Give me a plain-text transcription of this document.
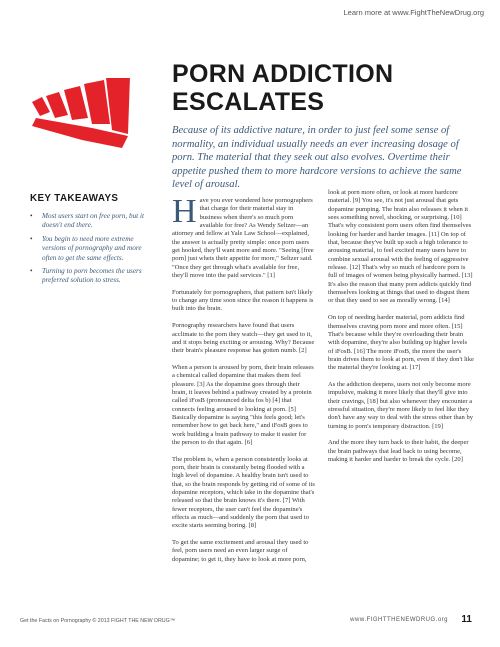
Learn more at www.FightTheNewDrug.org
PORN ADDICTION
ESCALATES

Because of its addictive nature, in order to just feel some sense of normality, an individual usually needs an ever increasing dosage of porn. The material that they seek out also evolves. Overtime their appetite pushed them to more hardcore versions to achieve the same level of arousal.

KEY TAKEAWAYS
• Most users start on free porn, but it doesn't end there.
• You begin to need more extreme versions of pornography and more often to get the same effects.
• Turning to porn becomes the users preferred solution to stress.

Have you ever wondered how pornographers that charge for their material stay in business when there's so much porn available for free? As Wendy Seltzer—an attorney and fellow at Yale Law School—explained, the answer is actually pretty simple: once porn users get hooked, they'll want more and more. "Seeing [free porn] just whets their appetite for more," Seltzer said. "Once they get through what's available for free, they'll move into the paid services." [1]

Fortunately for pornographers, that pattern isn't likely to change any time soon since the reason it happens is built into the brain.

Pornography researchers have found that users acclimate to the porn they watch—they get used to it, and it stops being exciting or arousing. Why? Because their brain's pleasure response has gotten numb. [2]

When a person is aroused by porn, their brain releases a chemical called dopamine that makes them feel pleasure. [3] As the dopamine goes through their brain, it leaves behind a pathway created by a protein called iFosB (pronounced delta fos b) [4] that connects feeling aroused to looking at porn. [5] Basically dopamine is saying "this feels good; let's remember how to get back here," and iFosB goes to work building a brain pathway to make it easier for the person to do that again. [6]

The problem is, when a person consistently looks at porn, their brain is constantly being flooded with a high level of dopamine. A healthy brain isn't used to that, so the brain responds by getting rid of some of its dopamine receptors, which take in the dopamine that's released so that the brain knows it's there. [7] With fewer receptors, the user can't feel the dopamine's effects as much—and suddenly the porn that used to excite starts seeming boring. [8]

To get the same excitement and arousal they used to feel, porn users need an even larger surge of dopamine; to get it, they have to look at more porn,

look at porn more often, or look at more hardcore material. [9] You see, it's not just arousal that gets dopamine pumping. The brain also releases it when it sees something novel, shocking, or surprising. [10] That's why consistent porn users often find themselves looking for harder and harder images. [11] On top of that, because they've built up such a high tolerance to arousing material, to feel excited many users have to combine sexual arousal with the feeling of aggressive release. [12] That's why so much of hardcore porn is full of images of women being physically harmed. [13] It's also the reason that many porn addicts quickly find themselves looking at things that used to disgust them or that they used to see as morally wrong. [14]

On top of needing harder material, porn addicts find themselves craving porn more and more often. [15] That's because while they're overloading their brain with dopamine, they're also building up higher levels of iFosB. [16] The more iFosB, the more the user's brain drives them to look at porn, even if they don't like the material they're looking at. [17]

As the addiction deepens, users not only become more impulsive, making it more likely that they'll give into their cravings, [18] but also whenever they encounter a stressful situation, they're more likely to feel like they don't have any way to deal with the stress other than by turning to porn's temporary distraction. [19]

And the more they turn back to their habit, the deeper the brain pathways that lead back to using become, making it harder and harder to break the cycle. [20]

Get the Facts on Pornography © 2013 FIGHT THE NEW DRUG™	www.FIGHTTHENEWDRUG.org 11
